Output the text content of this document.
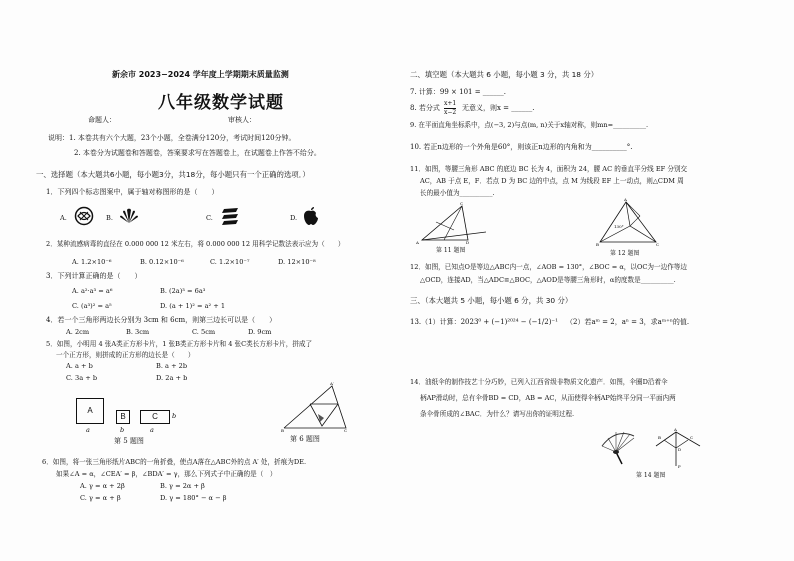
新余市 2023−2024 学年度上学期期末质量监测
八年级数学试题
命题人：	审核人：
说明：1. 本卷共有六个大题，23个小题，全卷满分120分，考试时间120分钟。
2. 本卷分为试题卷和答题卷，答案要求写在答题卷上，在试题卷上作答不给分。
一、选择题（本大题共6小题，每小题3分，共18分，每小题只有一个正确的选项．）
1．下列四个标志图案中，属于轴对称图形的是（　　）
A.	B.	C.	D.
2．某种流感病毒的直径在 0.000 000 12 米左右，将 0.000 000 12 用科学记数法表示应为（　　）
A. 1.2×10⁻⁶	B. 0.12×10⁻⁶	C. 1.2×10⁻⁷	D. 12×10⁻⁸
3．下列计算正确的是（　　）
A. a²·a³ = a⁶	B. (2a)³ = 6a³
C. (a³)² = a⁵	D. (a + 1)² = a² + 1
4．若一个三角形两边长分别为 3cm 和 6cm，则第三边长可以是（　　）
A. 2cm	B. 3cm	C. 5cm	D. 9cm
5．如图，小明用 4 张A类正方形卡片，1 张B类正方形卡片和 4 张C类长方形卡片，拼成了
一个正方形，则拼成的正方形的边长是（　　）
A. a + b	B. a + 2b
C. 3a + b	D. 2a + b
A
a
B
b
C	b
a
第 5 题图
A′
B	C
第 6 题图
6．如图，将一张三角形纸片ABC的一角折叠，使点A落在△ABC外的点 A′ 处，折痕为DE.
如果∠A = α，∠CEA′ = β，∠BDA′ = γ，那么下列式子中正确的是（　）
A. γ = α + 2β	B. γ = 2α + β
C. γ = α + β	D. γ = 180° − α − β
二、填空题（本大题共 6 小题，每小题 3 分，共 18 分）
7. 计算：99 × 101 = ______.
8. 若分式
x+1
x−2
无意义，则x = ______.
9. 在平面直角坐标系中，点(−3, 2)与点(m, n)关于x轴对称，则mn=__________.
10. 若正n边形的一个外角是60°，则该正n边形的内角和为__________°.
11．如图，等腰三角形 ABC 的底边 BC 长为 4，面积为 24，腰 AC 的垂直平分线 EF 分别交
AC，AB 于点 E，F．若点 D 为 BC 边的中点，点 M 为线段 EF 上一动点，则△CDM 周
长的最小值为__________.
A	D
C
第 11 题图
130°
A
B	C
第 12 题图
12．如图，已知点O是等边△ABC内一点，∠AOB = 130°，∠BOC = α，以OC为一边作等边
△OCD，连接AD，当△ADC≌△BOC，△AOD是等腰三角形时，α的度数是__________.
三、（本大题共 5 小题，每小题 6 分，共 30 分）
13.（1）计算：2023⁰ + (−1)²⁰²⁴ − (−1/2)⁻¹ （2）若aᵐ = 2，aⁿ = 3，求aᵐ⁺ⁿ的值.
14．油纸伞的制作技艺十分巧妙，已列入江西省级非物质文化遗产．如图，伞圈D沿着伞
柄AP滑动时，总有伞骨BD = CD，AB = AC，从而使得伞柄AP始终平分同一平面内两
条伞骨所成的∠BAC．为什么？请写出你的证明过程.
A
B	C
D
P
第 14 题图
